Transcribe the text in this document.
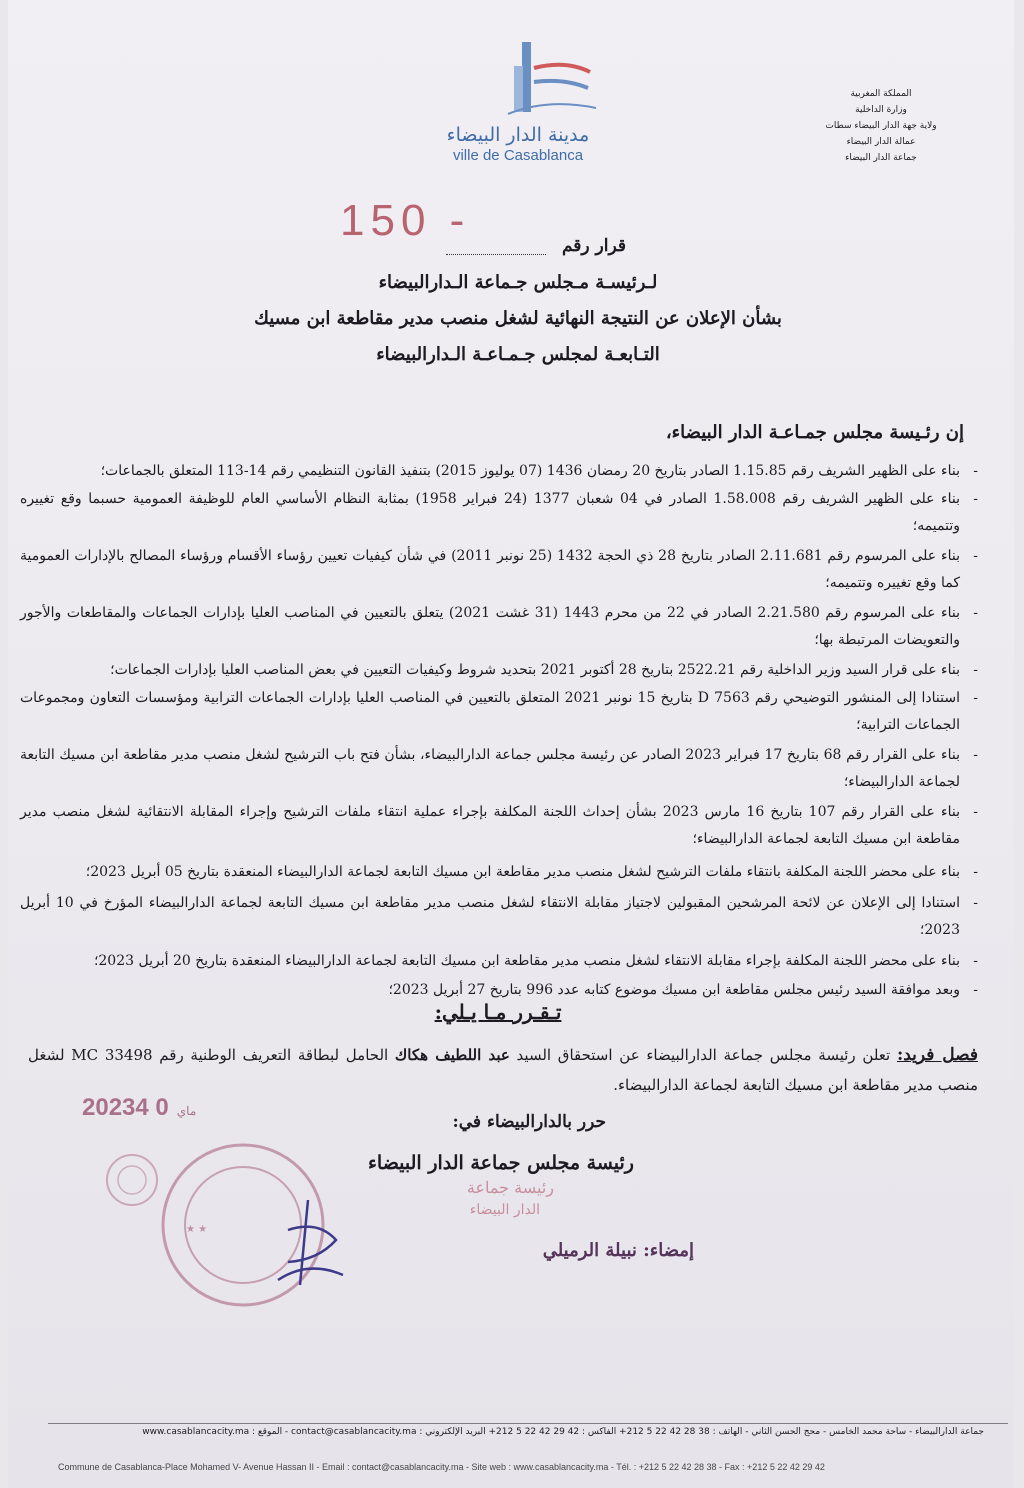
مدينة الدار البيضاء
ville de Casablanca
المملكة المغربية
وزارة الداخلية
ولاية جهة الدار البيضاء سطات
عمالة الدار البيضاء
جماعة الدار البيضاء
150 -
قرار رقم
لـرئيسـة مـجلس جـماعة الـدارالبيضاء
بشأن الإعلان عن النتيجة النهائية لشغل منصب مدير مقاطعة ابن مسيك
التـابعـة لمجلس جـمـاعـة الـدارالبيضاء
إن رئـيسة مجلس جمـاعـة الدار البيضاء،
- بناء على الظهير الشريف رقم 1.15.85 الصادر بتاريخ 20 رمضان 1436 (07 يوليوز 2015) بتنفيذ القانون التنظيمي رقم 14-113 المتعلق بالجماعات؛
- بناء على الظهير الشريف رقم 1.58.008 الصادر في 04 شعبان 1377 (24 فبراير 1958) بمثابة النظام الأساسي العام للوظيفة العمومية حسبما وقع تغييره وتتميمه؛
- بناء على المرسوم رقم 2.11.681 الصادر بتاريخ 28 ذي الحجة 1432 (25 نونبر 2011) في شأن كيفيات تعيين رؤساء الأقسام ورؤساء المصالح بالإدارات العمومية كما وقع تغييره وتتميمه؛
- بناء على المرسوم رقم 2.21.580 الصادر في 22 من محرم 1443 (31 غشت 2021) يتعلق بالتعيين في المناصب العليا بإدارات الجماعات والمقاطعات والأجور والتعويضات المرتبطة بها؛
- بناء على قرار السيد وزير الداخلية رقم 2522.21 بتاريخ 28 أكتوبر 2021 بتحديد شروط وكيفيات التعيين في بعض المناصب العليا بإدارات الجماعات؛
- استنادا إلى المنشور التوضيحي رقم D 7563 بتاريخ 15 نونبر 2021 المتعلق بالتعيين في المناصب العليا بإدارات الجماعات الترابية ومؤسسات التعاون ومجموعات الجماعات الترابية؛
- بناء على القرار رقم 68 بتاريخ 17 فبراير 2023 الصادر عن رئيسة مجلس جماعة الدارالبيضاء، بشأن فتح باب الترشيح لشغل منصب مدير مقاطعة ابن مسيك التابعة لجماعة الدارالبيضاء؛
- بناء على القرار رقم 107 بتاريخ 16 مارس 2023 بشأن إحداث اللجنة المكلفة بإجراء عملية انتقاء ملفات الترشيح وإجراء المقابلة الانتقائية لشغل منصب مدير مقاطعة ابن مسيك التابعة لجماعة الدارالبيضاء؛
- بناء على محضر اللجنة المكلفة بانتقاء ملفات الترشيح لشغل منصب مدير مقاطعة ابن مسيك التابعة لجماعة الدارالبيضاء المنعقدة بتاريخ 05 أبريل 2023؛
- استنادا إلى الإعلان عن لائحة المرشحين المقبولين لاجتياز مقابلة الانتقاء لشغل منصب مدير مقاطعة ابن مسيك التابعة لجماعة الدارالبيضاء المؤرخ في 10 أبريل 2023؛
- بناء على محضر اللجنة المكلفة بإجراء مقابلة الانتقاء لشغل منصب مدير مقاطعة ابن مسيك التابعة لجماعة الدارالبيضاء المنعقدة بتاريخ 20 أبريل 2023؛
- وبعد موافقة السيد رئيس مجلس مقاطعة ابن مسيك موضوع كتابه عدد 996 بتاريخ 27 أبريل 2023؛
تـقـرر مـا يـلي:
فصل فريد: تعلن رئيسة مجلس جماعة الدارالبيضاء عن استحقاق السيد عبد اللطيف هكاك الحامل لبطاقة التعريف الوطنية رقم MC 33498 لشغل منصب مدير مقاطعة ابن مسيك التابعة لجماعة الدارالبيضاء.
2023	ماي0 4
حرر بالدارالبيضاء في:
★ ★
رئيسة مجلس جماعة الدار البيضاء
رئيسة جماعة
الدار البيضاء
إمضاء: نبيلة الرميلي
جماعة الدارالبيضاء - ساحة محمد الخامس - محج الحسن الثاني - الهاتف : 38 28 42 22 5 212+ الفاكس : 42 29 42 22 5 212+ البريد الإلكتروني : contact@casablancacity.ma - الموقع : www.casablancacity.ma
Commune de Casablanca-Place Mohamed V- Avenue Hassan II - Email : contact@casablancacity.ma - Site web : www.casablancacity.ma - Tél. : +212 5 22 42 28 38 - Fax : +212 5 22 42 29 42
